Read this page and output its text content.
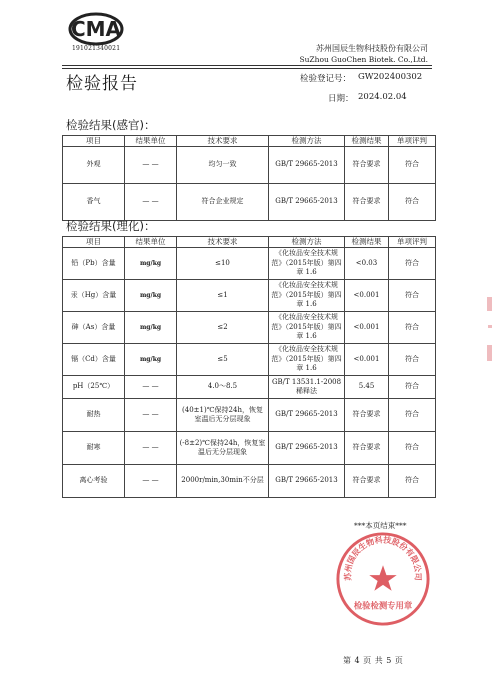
CMA
191021340021	苏州国辰生物科技股份有限公司
SuZhou GuoChen Biotek. Co.,Ltd.
检验报告	检验登记号： GW202400302
日期： 2024.02.04
检验结果(感官)：
项目	结果单位	技术要求	检测方法	检测结果	单项评判
外观	— —	均匀一致	GB/T 29665-2013	符合要求	符合
香气	— —	符合企业规定	GB/T 29665-2013	符合要求	符合
检验结果(理化)：
项目	结果单位	技术要求	检测方法	检测结果	单项评判
铅（Pb）含量	mg/kg	≤10	《化妆品安全技术规范》（2015年版）第四章 1.6	<0.03	符合
汞（Hg）含量	mg/kg	≤1	《化妆品安全技术规范》（2015年版）第四章 1.6	<0.001	符合
砷（As）含量	mg/kg	≤2	《化妆品安全技术规范》（2015年版）第四章 1.6	<0.001	符合
镉（Cd）含量	mg/kg	≤5	《化妆品安全技术规范》（2015年版）第四章 1.6	<0.001	符合
pH（25℃）	— —	4.0～8.5	GB/T 13531.1-2008 稀释法	5.45	符合
耐热	— —	(40±1)℃保持24h，恢复室温后无分层现象	GB/T 29665-2013	符合要求	符合
耐寒	— —	(-8±2)℃保持24h，恢复室温后无分层现象	GB/T 29665-2013	符合要求	符合
离心考验	— —	2000r/min,30min不分层	GB/T 29665-2013	符合要求	符合
***本页结束***
苏州国辰生物科技股份有限公司
检验检测专用章
第 4 页 共 5 页
